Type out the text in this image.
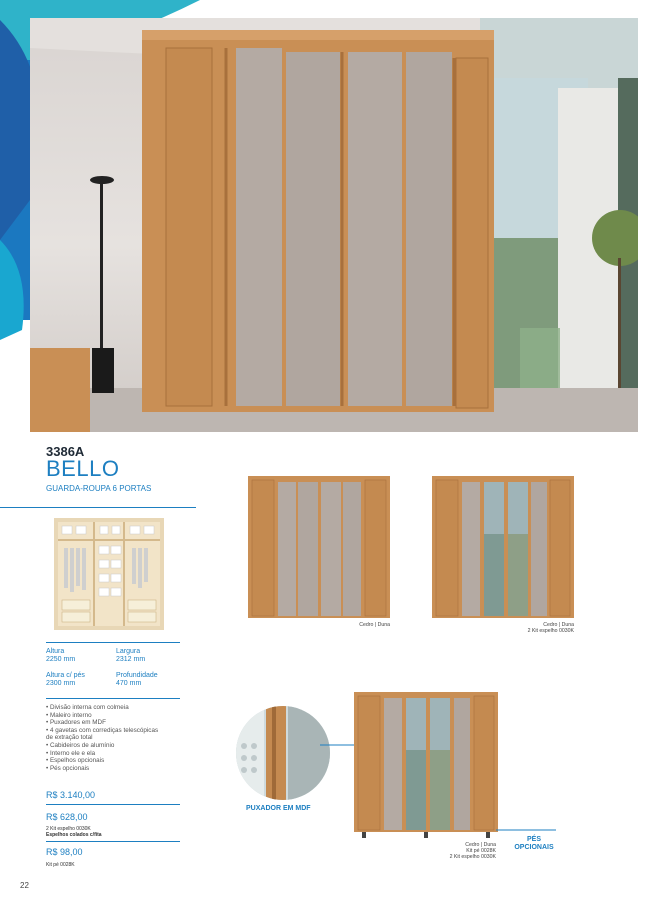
3386A
BELLO
GUARDA-ROUPA 6 PORTAS
Altura
2250 mm
Largura
2312 mm
Altura c/ pés
2300 mm
Profundidade
470 mm
• Divisão interna com colmeia
• Maleiro interno
• Puxadores em MDF
• 4 gavetas com corrediças telescópicas
de extração total
• Cabideiros de alumínio
• Interno ele e ela
• Espelhos opcionais
• Pés opcionais
R$ 3.140,00
R$ 628,00
2 Kit espelho 0030K
Espelhos colados c/fita
R$ 98,00
Kit pé 0028K
Cedro | Duna	Cedro | Duna
2 Kit espelho 0030K
PUXADOR EM MDF
Cedro | Duna
Kit pé 0028K
2 Kit espelho 0030K
PÉS OPCIONAIS
22
